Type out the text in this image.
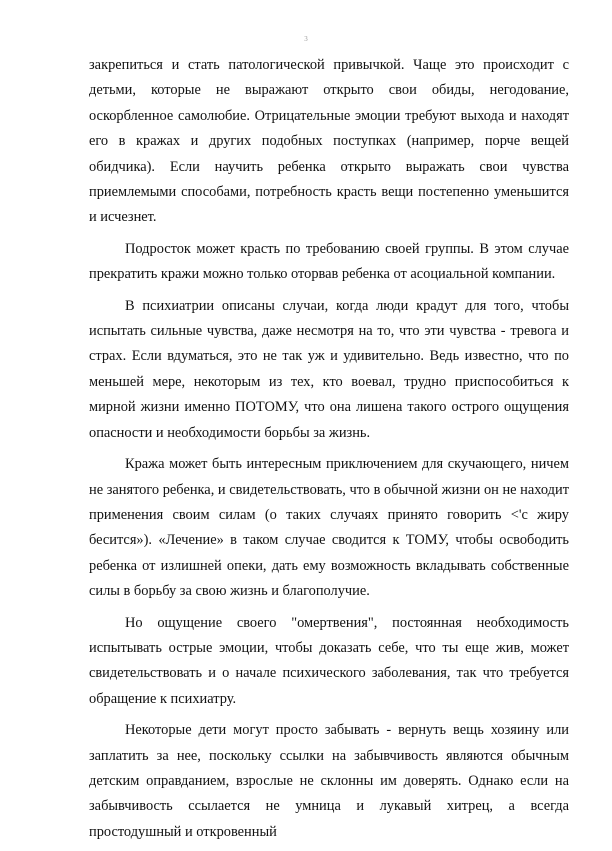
3

закрепиться и стать патологической привычкой. Чаще это происходит с детьми, которые не выражают открыто свои обиды, негодование, оскорбленное самолюбие. Отрицательные эмоции требуют выхода и находят его в кражах и других подобных поступках (например, порче вещей обидчика). Если научить ребенка открыто выражать свои чувства приемлемыми способами, потребность красть вещи постепенно уменьшится и исчезнет.

Подросток может красть по требованию своей группы. В этом случае прекратить кражи можно только оторвав ребенка от асоциальной компании.

В психиатрии описаны случаи, когда люди крадут для того, чтобы испытать сильные чувства, даже несмотря на то, что эти чувства - тревога и страх. Если вдуматься, это не так уж и удивительно. Ведь известно, что по меньшей мере, некоторым из тех, кто воевал, трудно приспособиться к мирной жизни именно ПОТОМУ, что она лишена такого острого ощущения опасности и необходимости борьбы за жизнь.

Кража может быть интересным приключением для скучающего, ничем не занятого ребенка, и свидетельствовать, что в обычной жизни он не находит применения своим силам (о таких случаях принято говорить <'с жиру бесится»). «Лечение» в таком случае сводится к ТОМУ, чтобы освободить ребенка от излишней опеки, дать ему возможность вкладывать собственные силы в борьбу за свою жизнь и благополучие.

Но ощущение своего "омертвения", постоянная необходимость испытывать острые эмоции, чтобы доказать себе, что ты еще жив, может свидетельствовать и о начале психического заболевания, так что требуется обращение к психиатру.

Некоторые дети могут просто забывать - вернуть вещь хозяину или заплатить за нее, поскольку ссылки на забывчивость являются обычным детским оправданием, взрослые не склонны им доверять. Однако если на забывчивость ссылается не умница и лукавый хитрец, а всегда простодушный и откровенный
